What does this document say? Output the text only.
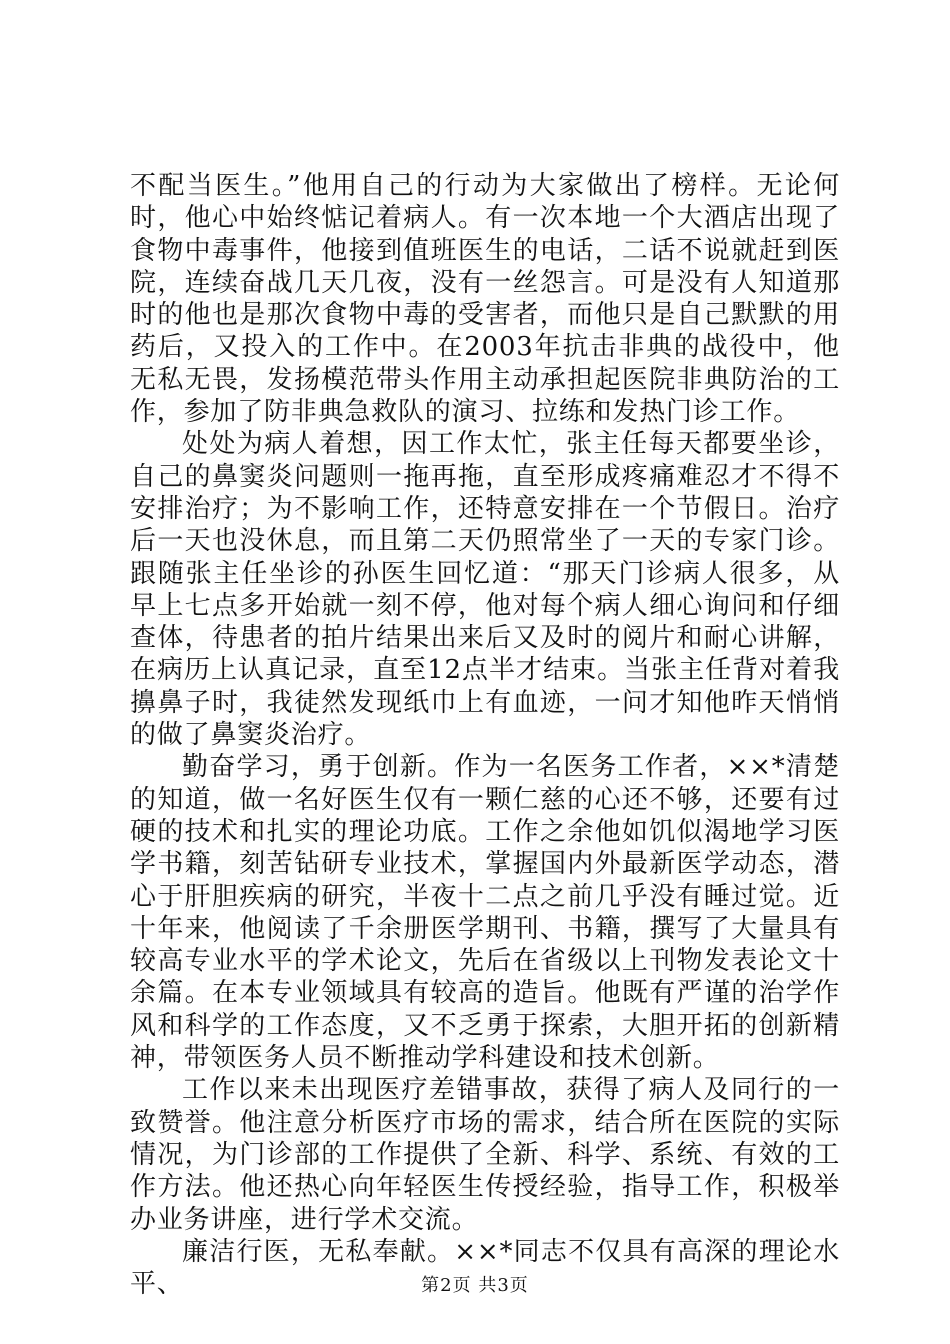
不配当医生。”他用自己的行动为大家做出了榜样。无论何时，他心中始终惦记着病人。有一次本地一个大酒店出现了食物中毒事件，他接到值班医生的电话，二话不说就赶到医院，连续奋战几天几夜，没有一丝怨言。可是没有人知道那时的他也是那次食物中毒的受害者，而他只是自己默默的用药后，又投入的工作中。在2003年抗击非典的战役中，他无私无畏，发扬模范带头作用主动承担起医院非典防治的工作，参加了防非典急救队的演习、拉练和发热门诊工作。

处处为病人着想，因工作太忙，张主任每天都要坐诊，自己的鼻窦炎问题则一拖再拖，直至形成疼痛难忍才不得不安排治疗；为不影响工作，还特意安排在一个节假日。治疗后一天也没休息，而且第二天仍照常坐了一天的专家门诊。跟随张主任坐诊的孙医生回忆道：“那天门诊病人很多，从早上七点多开始就一刻不停，他对每个病人细心询问和仔细查体，待患者的拍片结果出来后又及时的阅片和耐心讲解，在病历上认真记录，直至12点半才结束。当张主任背对着我擤鼻子时，我徒然发现纸巾上有血迹，一问才知他昨天悄悄的做了鼻窦炎治疗。

勤奋学习，勇于创新。作为一名医务工作者，××*清楚的知道，做一名好医生仅有一颗仁慈的心还不够，还要有过硬的技术和扎实的理论功底。工作之余他如饥似渴地学习医学书籍，刻苦钻研专业技术，掌握国内外最新医学动态，潜心于肝胆疾病的研究，半夜十二点之前几乎没有睡过觉。近十年来，他阅读了千余册医学期刊、书籍，撰写了大量具有较高专业水平的学术论文，先后在省级以上刊物发表论文十余篇。在本专业领域具有较高的造旨。他既有严谨的治学作风和科学的工作态度，又不乏勇于探索，大胆开拓的创新精神，带领医务人员不断推动学科建设和技术创新。

工作以来未出现医疗差错事故，获得了病人及同行的一致赞誉。他注意分析医疗市场的需求，结合所在医院的实际情况，为门诊部的工作提供了全新、科学、系统、有效的工作方法。他还热心向年轻医生传授经验，指导工作，积极举办业务讲座，进行学术交流。

廉洁行医，无私奉献。××*同志不仅具有高深的理论水平、	第2页 共3页
